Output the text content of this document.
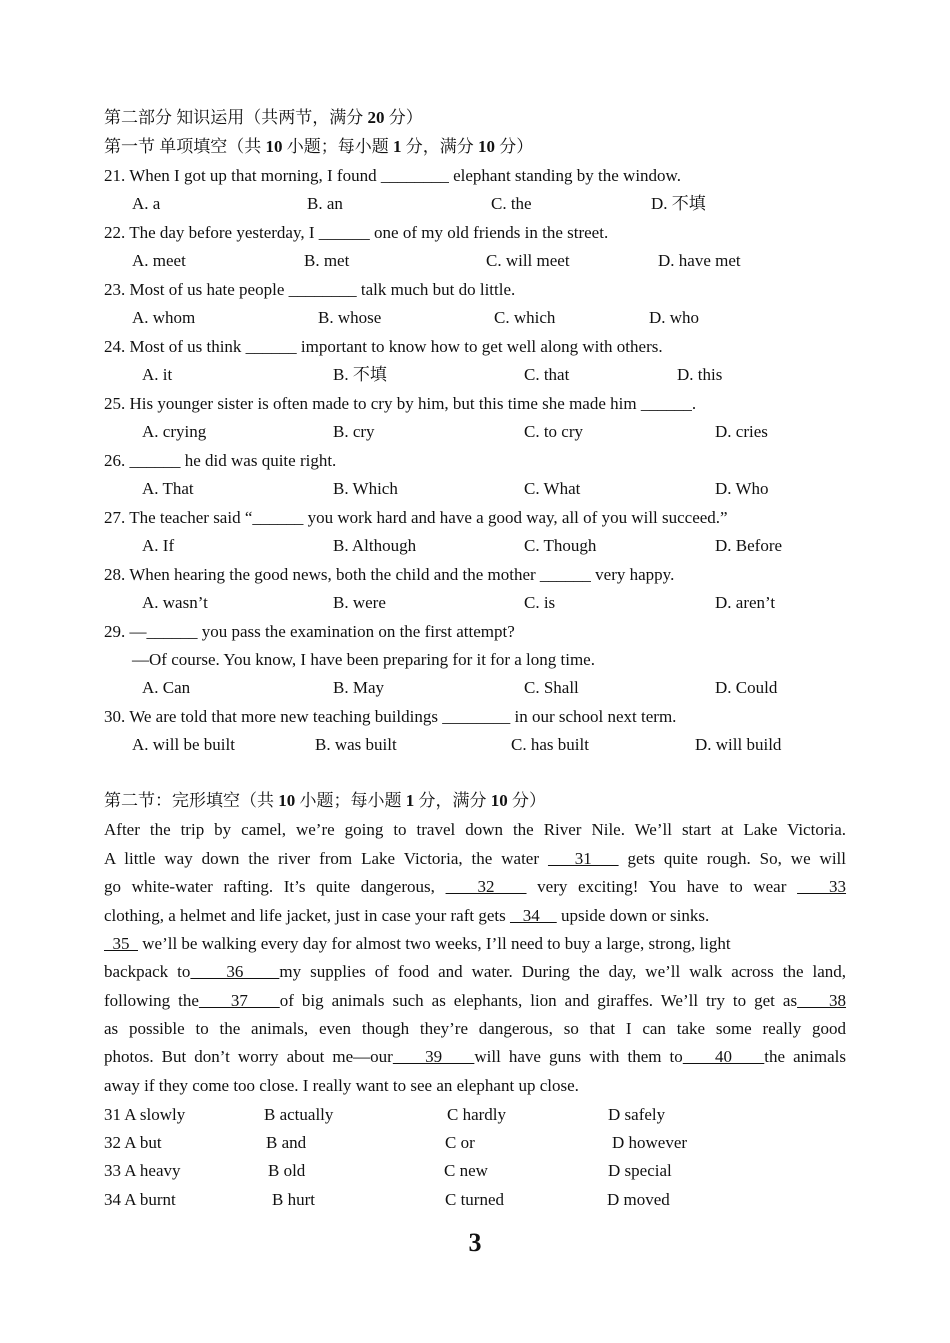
第二部分 知识运用（共两节，满分 20 分）
第一节 单项填空（共 10 小题；每小题 1 分，满分 10 分）
21. When I got up that morning, I found ________ elephant standing by the window.
A. a	B. an	C. the	D. 不填
22. The day before yesterday, I ______ one of my old friends in the street.
A. meet	B. met	C. will meet	D. have met
23. Most of us hate people ________ talk much but do little.
A. whom	B. whose	C. which	D. who
24. Most of us think ______ important to know how to get well along with others.
A. it	B. 不填	C. that	D. this
25. His younger sister is often made to cry by him, but this time she made him ______.
A. crying	B. cry	C. to cry	D. cries
26. ______ he did was quite right.
A. That	B. Which	C. What	D. Who
27. The teacher said “______ you work hard and have a good way, all of you will succeed.”
A. If	B. Although	C. Though	D. Before
28. When hearing the good news, both the child and the mother ______ very happy.
A. wasn’t	B. were	C. is	D. aren’t
29. —______ you pass the examination on the first attempt?
—Of course. You know, I have been preparing for it for a long time.
A. Can	B. May	C. Shall	D. Could
30. We are told that more new teaching buildings ________ in our school next term.
A. will be built	B. was built	C. has built	D. will build
第二节：完形填空（共 10 小题；每小题 1 分，满分 10 分）
After the trip by camel, we’re going to travel down the River Nile. We’ll start at Lake Victoria.
A little way down the river from Lake Victoria, the water    31    gets quite rough. So, we will
go white-water rafting. It’s quite dangerous,    32    very exciting! You have to wear    33
clothing, a helmet and life jacket, just in case your raft gets    34     upside down or sinks.
35   we’ll be walking every day for almost two weeks, I’ll need to buy a large, strong, light
backpack to    36    my supplies of food and water. During the day, we’ll walk across the land,
following the    37    of big animals such as elephants, lion and giraffes. We’ll try to get as    38
as possible to the animals, even though they’re dangerous, so that I can take some really good
photos. But don’t worry about me—our    39    will have guns with them to    40    the animals
away if they come too close. I really want to see an elephant up close.
31 A slowly	B actually	C hardly	D safely
32 A but	B and	C or	D however
33 A heavy	B old	C new	D special
34 A burnt	B hurt	C turned	D moved
3
